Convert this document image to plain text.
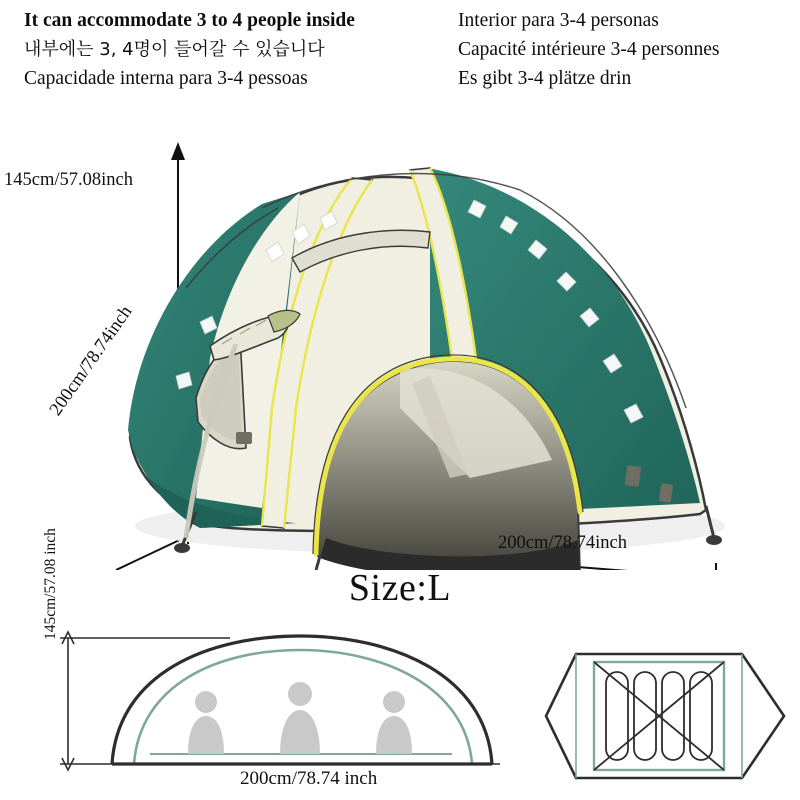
It can accommodate 3 to 4 people inside
내부에는 3, 4명이 들어갈 수 있습니다
Capacidade interna para 3-4 pessoas
Interior para 3-4 personas
Capacité intérieure 3-4 personnes
Es gibt 3-4 plätze drin
145cm/57.08inch
200cm/78.74inch
200cm/78.74inch
Size:L
145cm/57.08 inch
200cm/78.74 inch
